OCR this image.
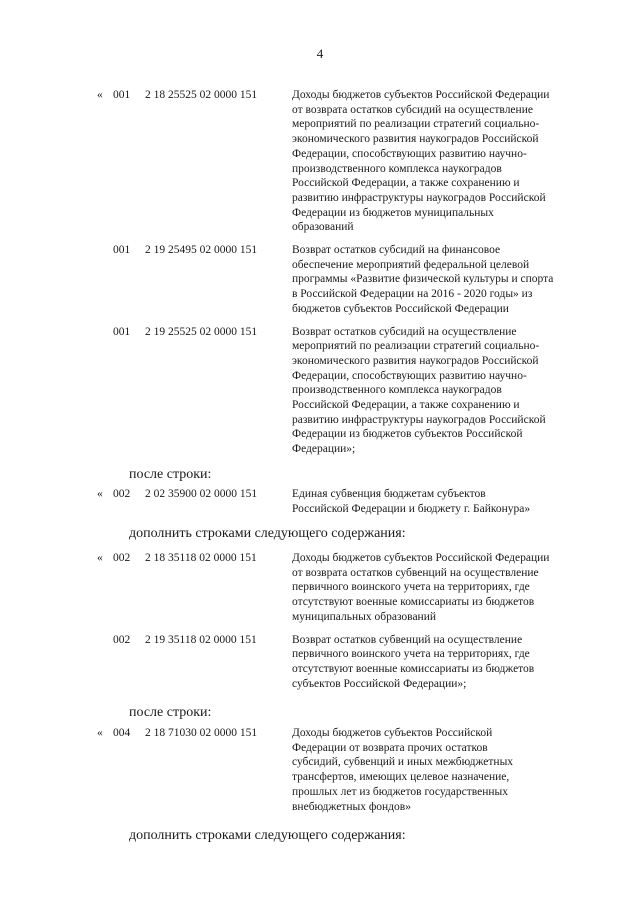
4
« 001 2 18 25525 02 0000 151	Доходы бюджетов субъектов Российской Федерации
от возврата остатков субсидий на осуществление
мероприятий по реализации стратегий социально-
экономического развития наукоградов Российской
Федерации, способствующих развитию научно-
производственного комплекса наукоградов
Российской Федерации, а также сохранению и
развитию инфраструктуры наукоградов Российской
Федерации из бюджетов муниципальных
образований
001 2 19 25495 02 0000 151	Возврат остатков субсидий на финансовое
обеспечение мероприятий федеральной целевой
программы «Развитие физической культуры и спорта
в Российской Федерации на 2016 - 2020 годы» из
бюджетов субъектов Российской Федерации
001 2 19 25525 02 0000 151	Возврат остатков субсидий на осуществление
мероприятий по реализации стратегий социально-
экономического развития наукоградов Российской
Федерации, способствующих развитию научно-
производственного комплекса наукоградов
Российской Федерации, а также сохранению и
развитию инфраструктуры наукоградов Российской
Федерации из бюджетов субъектов Российской
Федерации»;
после строки:
« 002 2 02 35900 02 0000 151	Единая субвенция бюджетам субъектов
Российской Федерации и бюджету г. Байконура»
дополнить строками следующего содержания:
« 002 2 18 35118 02 0000 151	Доходы бюджетов субъектов Российской Федерации
от возврата остатков субвенций на осуществление
первичного воинского учета на территориях, где
отсутствуют военные комиссариаты из бюджетов
муниципальных образований
002 2 19 35118 02 0000 151	Возврат остатков субвенций на осуществление
первичного воинского учета на территориях, где
отсутствуют военные комиссариаты из бюджетов
субъектов Российской Федерации»;
после строки:
« 004 2 18 71030 02 0000 151	Доходы бюджетов субъектов Российской
Федерации от возврата прочих остатков
субсидий, субвенций и иных межбюджетных
трансфертов, имеющих целевое назначение,
прошлых лет из бюджетов государственных
внебюджетных фондов»
дополнить строками следующего содержания:
